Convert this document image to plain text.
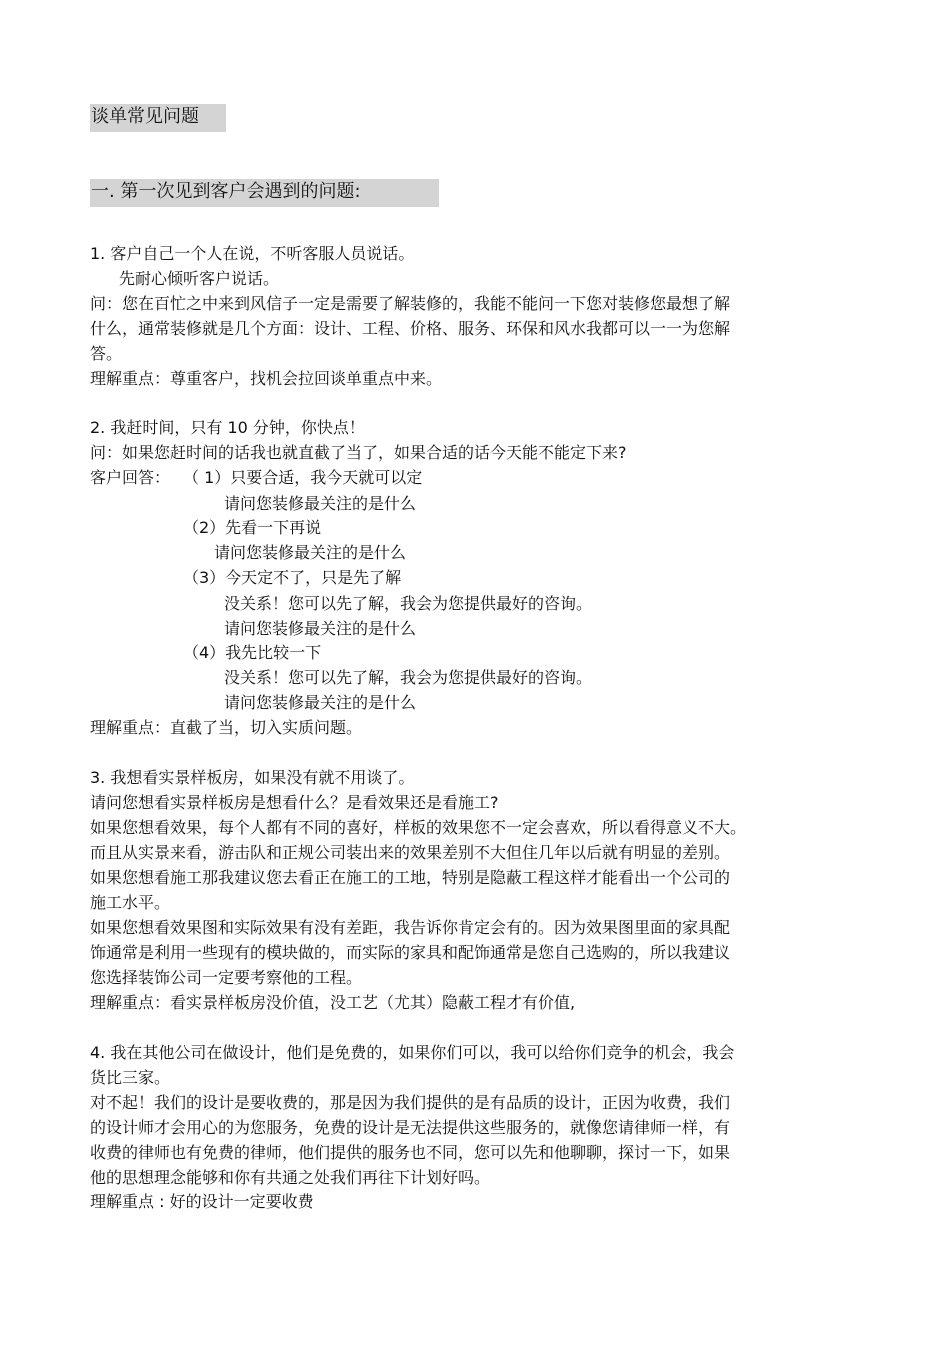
谈单常见问题
一. 第一次见到客户会遇到的问题:
1. 客户自己一个人在说，不听客服人员说话。
先耐心倾听客户说话。
问：您在百忙之中来到风信子一定是需要了解装修的，我能不能问一下您对装修您最想了解
什么，通常装修就是几个方面：设计、工程、价格、服务、环保和风水我都可以一一为您解
答。
理解重点：尊重客户，找机会拉回谈单重点中来。
2. 我赶时间，只有 10 分钟，你快点！
问：如果您赶时间的话我也就直截了当了，如果合适的话今天能不能定下来?
客户回答： （ 1）只要合适，我今天就可以定
请问您装修最关注的是什么
（2）先看一下再说
请问您装修最关注的是什么
（3）今天定不了，只是先了解
没关系！您可以先了解，我会为您提供最好的咨询。
请问您装修最关注的是什么
（4）我先比较一下
没关系！您可以先了解，我会为您提供最好的咨询。
请问您装修最关注的是什么
理解重点：直截了当，切入实质问题。
3. 我想看实景样板房，如果没有就不用谈了。
请问您想看实景样板房是想看什么？是看效果还是看施工?
如果您想看效果，每个人都有不同的喜好，样板的效果您不一定会喜欢，所以看得意义不大。
而且从实景来看，游击队和正规公司装出来的效果差别不大但住几年以后就有明显的差别。
如果您想看施工那我建议您去看正在施工的工地，特别是隐蔽工程这样才能看出一个公司的
施工水平。
如果您想看效果图和实际效果有没有差距，我告诉你肯定会有的。因为效果图里面的家具配
饰通常是利用一些现有的模块做的，而实际的家具和配饰通常是您自己选购的，所以我建议
您选择装饰公司一定要考察他的工程。
理解重点：看实景样板房没价值，没工艺（尤其）隐蔽工程才有价值,
4. 我在其他公司在做设计，他们是免费的，如果你们可以，我可以给你们竞争的机会，我会
货比三家。
对不起！我们的设计是要收费的，那是因为我们提供的是有品质的设计，正因为收费，我们
的设计师才会用心的为您服务，免费的设计是无法提供这些服务的，就像您请律师一样，有
收费的律师也有免费的律师，他们提供的服务也不同，您可以先和他聊聊，探讨一下，如果
他的思想理念能够和你有共通之处我们再往下计划好吗。
理解重点 : 好的设计一定要收费
